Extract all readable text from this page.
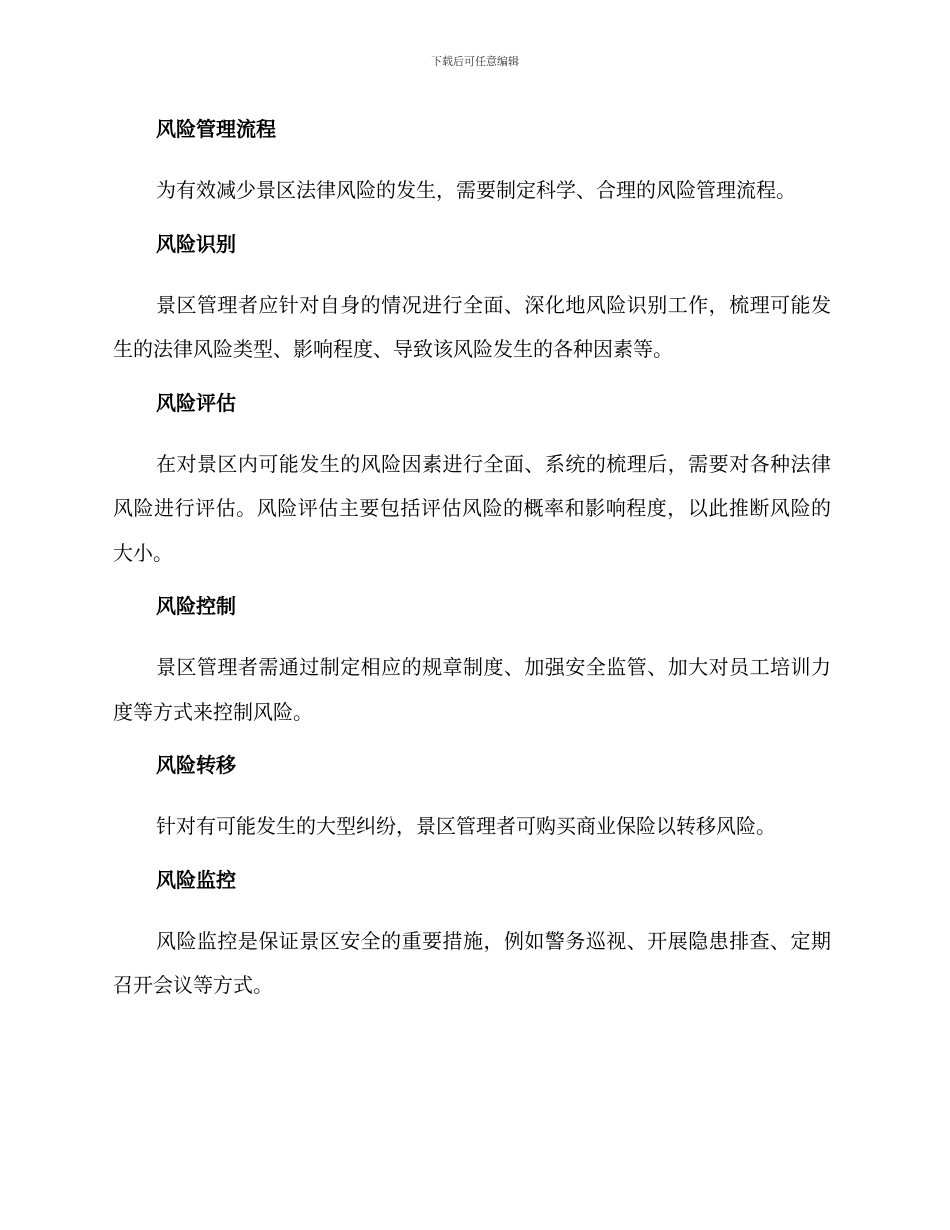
下载后可任意编辑
风险管理流程

为有效减少景区法律风险的发生，需要制定科学、合理的风险管理流程。

风险识别

景区管理者应针对自身的情况进行全面、深化地风险识别工作，梳理可能发生的法律风险类型、影响程度、导致该风险发生的各种因素等。

风险评估

在对景区内可能发生的风险因素进行全面、系统的梳理后，需要对各种法律风险进行评估。风险评估主要包括评估风险的概率和影响程度，以此推断风险的大小。

风险控制

景区管理者需通过制定相应的规章制度、加强安全监管、加大对员工培训力度等方式来控制风险。

风险转移

针对有可能发生的大型纠纷，景区管理者可购买商业保险以转移风险。

风险监控

风险监控是保证景区安全的重要措施，例如警务巡视、开展隐患排查、定期召开会议等方式。
